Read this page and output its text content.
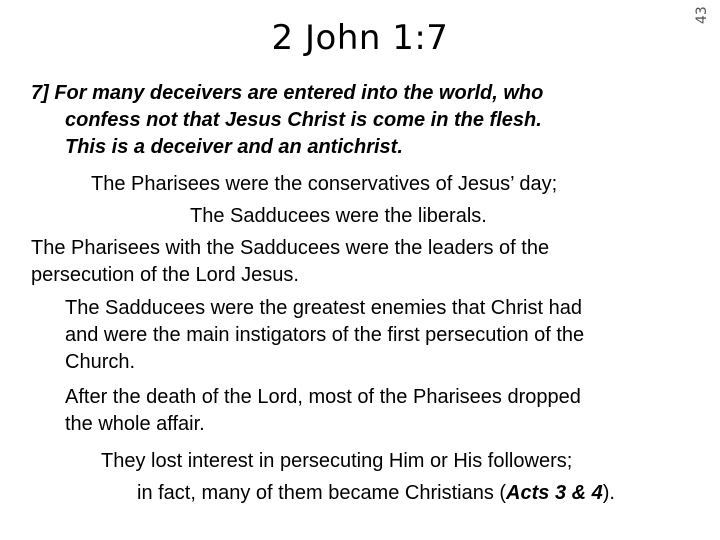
43
2 John 1:7
7] For many deceivers are entered into the world, who
confess not that Jesus Christ is come in the flesh.
This is a deceiver and an antichrist.
The Pharisees were the conservatives of Jesus’ day;
The Sadducees were the liberals.
The Pharisees with the Sadducees were the leaders of the
persecution of the Lord Jesus.
The Sadducees were the greatest enemies that Christ had
and were the main instigators of the first persecution of the
Church.
After the death of the Lord, most of the Pharisees dropped
the whole affair.
They lost interest in persecuting Him or His followers;
in fact, many of them became Christians (Acts 3 & 4).
